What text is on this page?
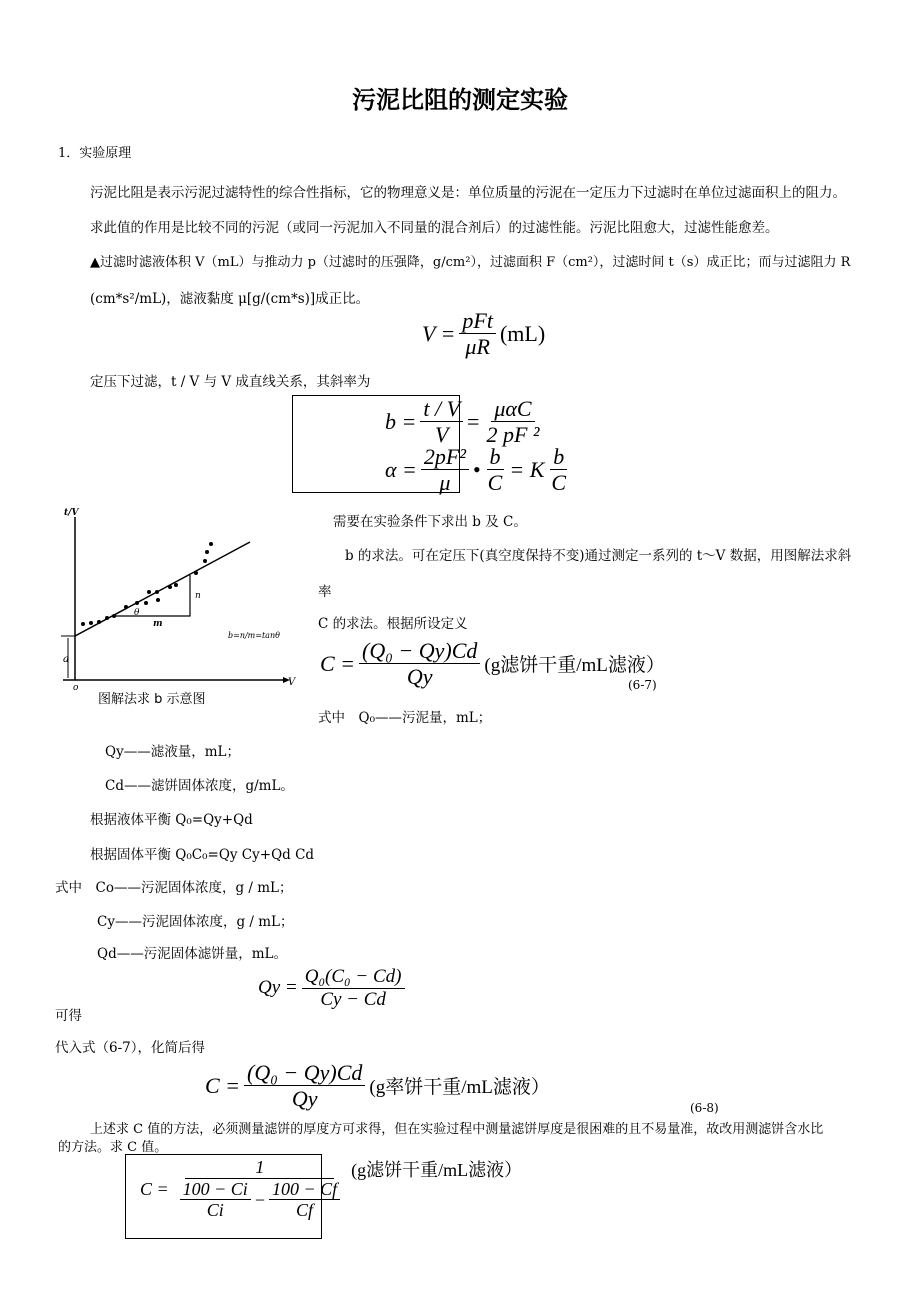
污泥比阻的测定实验
1．实验原理
污泥比阻是表示污泥过滤特性的综合性指标，它的物理意义是：单位质量的污泥在一定压力下过滤时在单位过滤面积上的阻力。
求此值的作用是比较不同的污泥（或同一污泥加入不同量的混合剂后）的过滤性能。污泥比阻愈大，过滤性能愈差。
▲过滤时滤液体积 V（mL）与推动力 p（过滤时的压强降，g/cm²），过滤面积 F（cm²），过滤时间 t（s）成正比；而与过滤阻力 R
(cm*s²/mL)，滤液黏度 μ[g/(cm*s)]成正比。
$V = \frac{\text{pFt}}{\mu R} (mL)$
定压下过滤，t / V 与 V 成直线关系，其斜率为
$b = \frac{t / V}{V} = \frac{\text{μαC}}{\text{2 pF ²}}$
$\alpha = \frac{\text{2pF²}}{\mu}$ • $\frac{b}{C} = K \frac{b}{C}$
t/V
V
o
a
m
n
θ
b=n/m=tanθ
图解法求 b 示意图
需要在实验条件下求出 b 及 C。
b 的求法。可在定压下(真空度保持不变)通过测定一系列的 t～V 数据，用图解法求斜
率
C 的求法。根据所设定义
$C = \frac{\text{(Q₀ − Qy)Cd}}{Qy} (g$滤饼干重/mL滤液）
(6-7)
式中　Q₀——污泥量，mL；
Qy——滤液量，mL；
Cd——滤饼固体浓度，g/mL。
根据液体平衡 Q₀=Qy+Qd
根据固体平衡 Q₀C₀=Qy Cy+Qd Cd
式中　Co——污泥固体浓度，g / mL；
Cy——污泥固体浓度，g / mL；
Qd——污泥固体滤饼量，mL。
$Qy = \frac{\text{Q₀(C₀ − Cd)}}{Cy - Cd}$
可得
代入式（6-7），化简后得
$C = \frac{\text{(Q₀ − Qy)Cd}}{Qy} (g$率饼干重/mL滤液）
(6-8)
上述求 C 值的方法，必须测量滤饼的厚度方可求得，但在实验过程中测量滤饼厚度是很困难的且不易量准，故改用测滤饼含水比
的方法。求 C 值。
$C = \frac{1}{\frac{100 - Ci}{Ci} - \frac{100 - Cf}{Cf}} (g$滤饼干重/mL滤液）
